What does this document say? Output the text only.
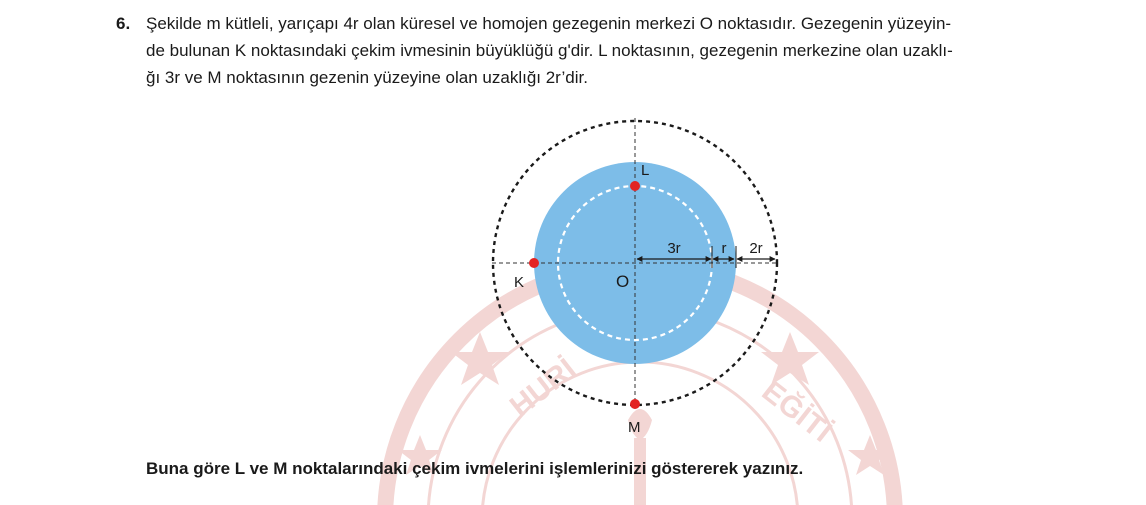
HURİ	EĞİTİ
6. Şekilde m kütleli, yarıçapı 4r olan küresel ve homojen gezegenin merkezi O noktasıdır. Gezegenin yüzeyin-
de bulunan K noktasındaki çekim ivmesinin büyüklüğü g'dir. L noktasının, gezegenin merkezine olan uzaklı-
ğı 3r ve M noktasının gezenin yüzeyine olan uzaklığı 2r’dir.
3r	r 2r
L
K
M
O
Buna göre L ve M noktalarındaki çekim ivmelerini işlemlerinizi göstererek yazınız.
